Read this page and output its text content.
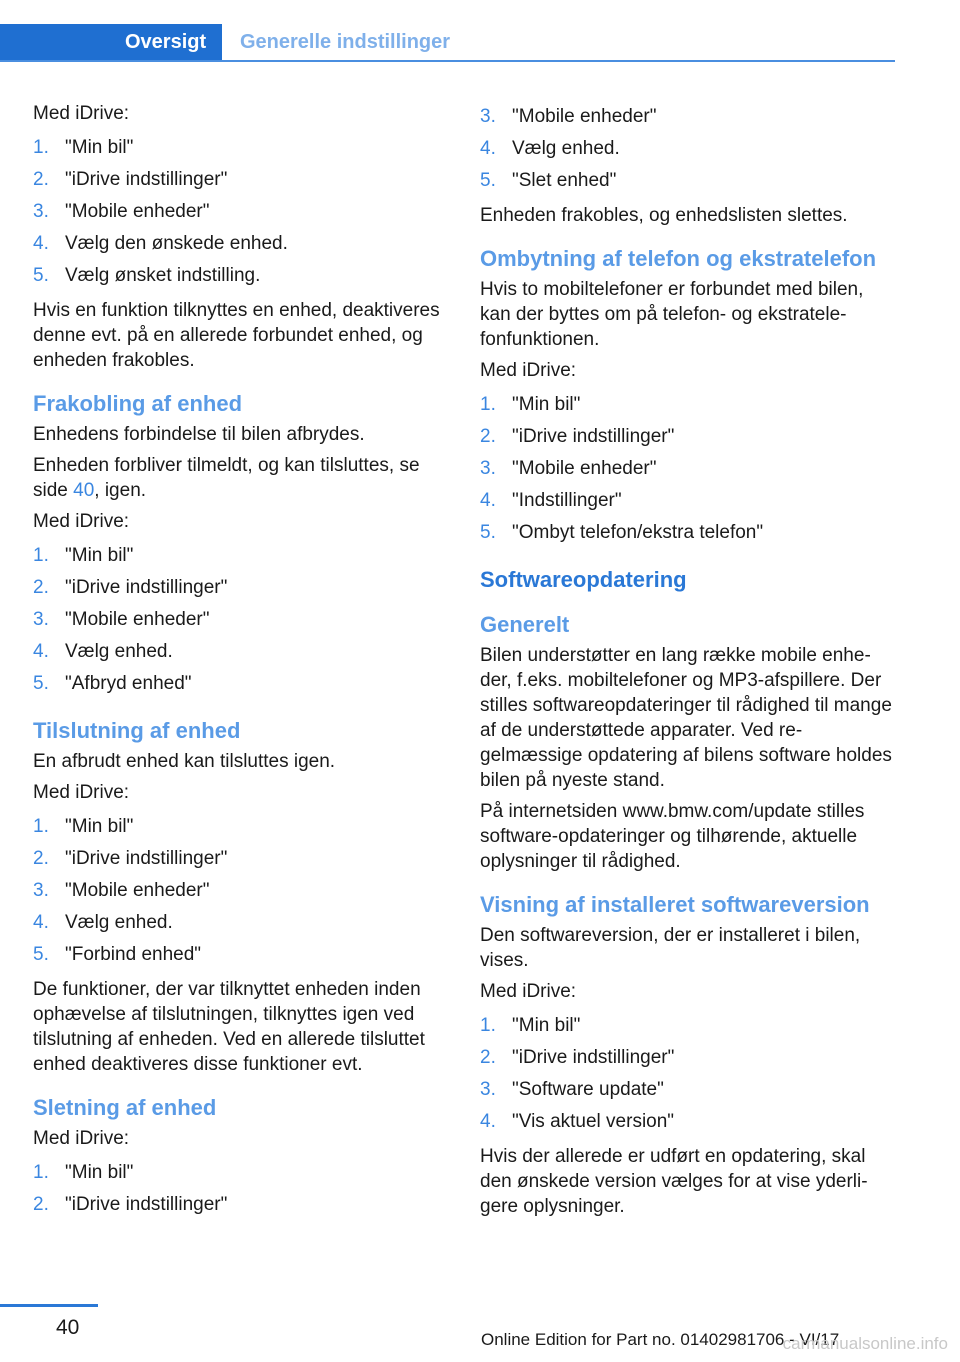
Oversigt	Generelle indstillinger

Med iDrive:

1. "Min bil"
2. "iDrive indstillinger"
3. "Mobile enheder"
4. Vælg den ønskede enhed.
5. Vælg ønsket indstilling.

Hvis en funktion tilknyttes en enhed, deaktiveres denne evt. på en allerede forbundet enhed, og enheden frakobles.

Frakobling af enhed

Enhedens forbindelse til bilen afbrydes.

Enheden forbliver tilmeldt, og kan tilsluttes, se side 40, igen.

Med iDrive:

1. "Min bil"
2. "iDrive indstillinger"
3. "Mobile enheder"
4. Vælg enhed.
5. "Afbryd enhed"
Tilslutning af enhed

En afbrudt enhed kan tilsluttes igen.

Med iDrive:

1. "Min bil"
2. "iDrive indstillinger"
3. "Mobile enheder"
4. Vælg enhed.
5. "Forbind enhed"

De funktioner, der var tilknyttet enheden inden ophævelse af tilslutningen, tilknyttes igen ved tilslutning af enheden. Ved en allerede tilsluttet enhed deaktiveres disse funktioner evt.

Sletning af enhed

Med iDrive:

1. "Min bil"
2. "iDrive indstillinger"
3. "Mobile enheder"
4. Vælg enhed.
5. "Slet enhed"

Enheden frakobles, og enhedslisten slettes.

Ombytning af telefon og ekstratelefon

Hvis to mobiltelefoner er forbundet med bilen, kan der byttes om på telefon- og ekstratelefonfunktionen.

Med iDrive:

1. "Min bil"
2. "iDrive indstillinger"
3. "Mobile enheder"
4. "Indstillinger"
5. "Ombyt telefon/ekstra telefon"
Softwareopdatering
Generelt

Bilen understøtter en lang række mobile enheder, f.eks. mobiltelefoner og MP3-afspillere. Der stilles softwareopdateringer til rådighed til mange af de understøttede apparater. Ved regelmæssige opdatering af bilens software holdes bilen på nyeste stand.

På internetsiden www.bmw.com/update stilles software-opdateringer og tilhørende, aktuelle oplysninger til rådighed.

Visning af installeret softwareversion

Den softwareversion, der er installeret i bilen, vises.

Med iDrive:

1. "Min bil"
2. "iDrive indstillinger"
3. "Software update"
4. "Vis aktuel version"

Hvis der allerede er udført en opdatering, skal den ønskede version vælges for at vise yderligere oplysninger.

40
Online Edition for Part no. 01402981706 - VI/17
carmanualsonline.info
